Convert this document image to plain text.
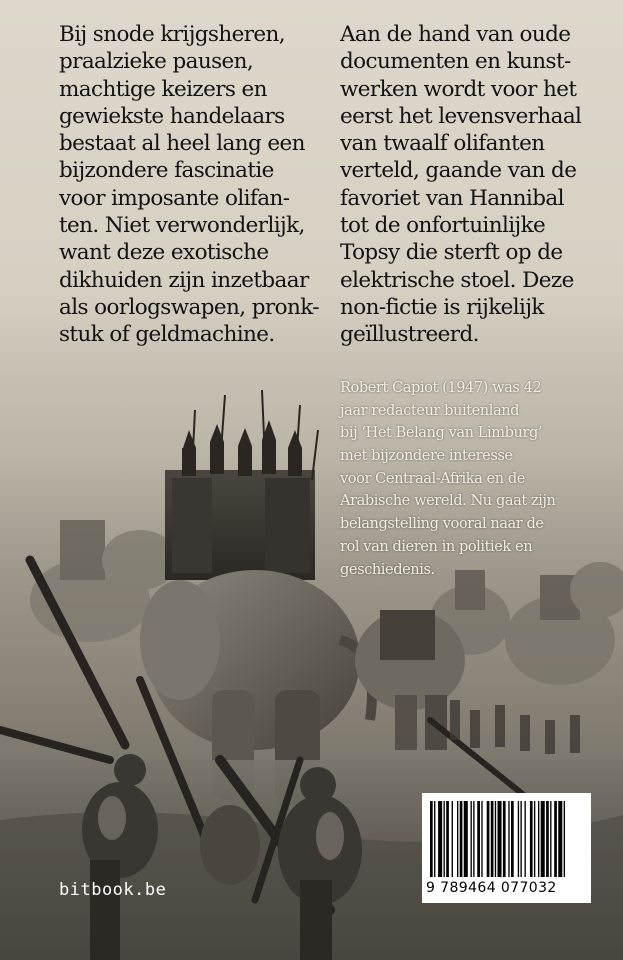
Bij snode krijgsheren,
praalzieke pausen,
machtige keizers en
gewiekste handelaars
bestaat al heel lang een
bijzondere fascinatie
voor imposante olifan-
ten. Niet verwonderlijk,
want deze exotische
dikhuiden zijn inzetbaar
als oorlogswapen, pronk-
stuk of geldmachine.
Aan de hand van oude
documenten en kunst-
werken wordt voor het
eerst het levensverhaal
van twaalf olifanten
verteld, gaande van de
favoriet van Hannibal
tot de onfortuinlijke
Topsy die sterft op de
elektrische stoel. Deze
non-fictie is rijkelijk
geïllustreerd.
Robert Capiot (1947) was 42
jaar redacteur buitenland
bij ‘Het Belang van Limburg’
met bijzondere interesse
voor Centraal-Afrika en de
Arabische wereld. Nu gaat zijn
belangstelling vooral naar de
rol van dieren in politiek en
geschiedenis.
bitbook.be	9 789464 077032
